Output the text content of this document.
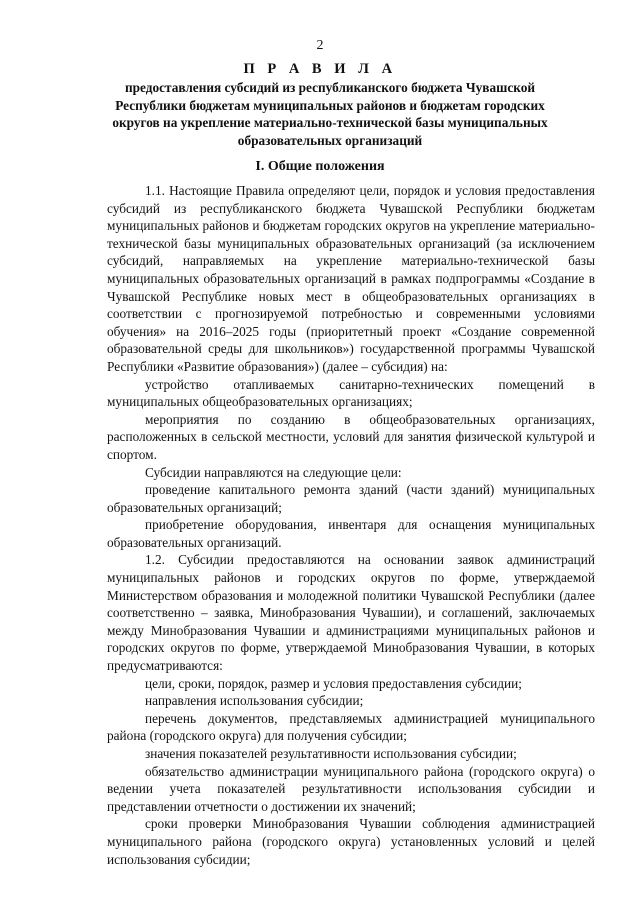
2
П Р А В И Л А
предоставления субсидий из республиканского бюджета Чувашской
Республики бюджетам муниципальных районов и бюджетам городских
округов на укрепление материально-технической базы муниципальных
образовательных организаций
I. Общие положения

1.1. Настоящие Правила определяют цели, порядок и условия предоставления субсидий из республиканского бюджета Чувашской Республики бюджетам муниципальных районов и бюджетам городских округов на укрепление материально-технической базы муниципальных образовательных организаций (за исключением субсидий, направляемых на укрепление материально-технической базы муниципальных образовательных организаций в рамках подпрограммы «Создание в Чувашской Республике новых мест в общеобразовательных организациях в соответствии с прогнозируемой потребностью и современными условиями обучения» на 2016–2025 годы (приоритетный проект «Создание современной образовательной среды для школьников») государственной программы Чувашской Республики «Развитие образования») (далее – субсидия) на:

устройство отапливаемых санитарно-технических помещений в муниципальных общеобразовательных организациях;

мероприятия по созданию в общеобразовательных организациях, расположенных в сельской местности, условий для занятия физической культурой и спортом.

Субсидии направляются на следующие цели:

проведение капитального ремонта зданий (части зданий) муниципальных образовательных организаций;

приобретение оборудования, инвентаря для оснащения муниципальных образовательных организаций.

1.2. Субсидии предоставляются на основании заявок администраций муниципальных районов и городских округов по форме, утверждаемой Министерством образования и молодежной политики Чувашской Республики (далее соответственно – заявка, Минобразования Чувашии), и соглашений, заключаемых между Минобразования Чувашии и администрациями муниципальных районов и городских округов по форме, утверждаемой Минобразования Чувашии, в которых предусматриваются:

цели, сроки, порядок, размер и условия предоставления субсидии;

направления использования субсидии;

перечень документов, представляемых администрацией муниципального района (городского округа) для получения субсидии;

значения показателей результативности использования субсидии;

обязательство администрации муниципального района (городского округа) о ведении учета показателей результативности использования субсидии и представлении отчетности о достижении их значений;

сроки проверки Минобразования Чувашии соблюдения администрацией муниципального района (городского округа) установленных условий и целей использования субсидии;
